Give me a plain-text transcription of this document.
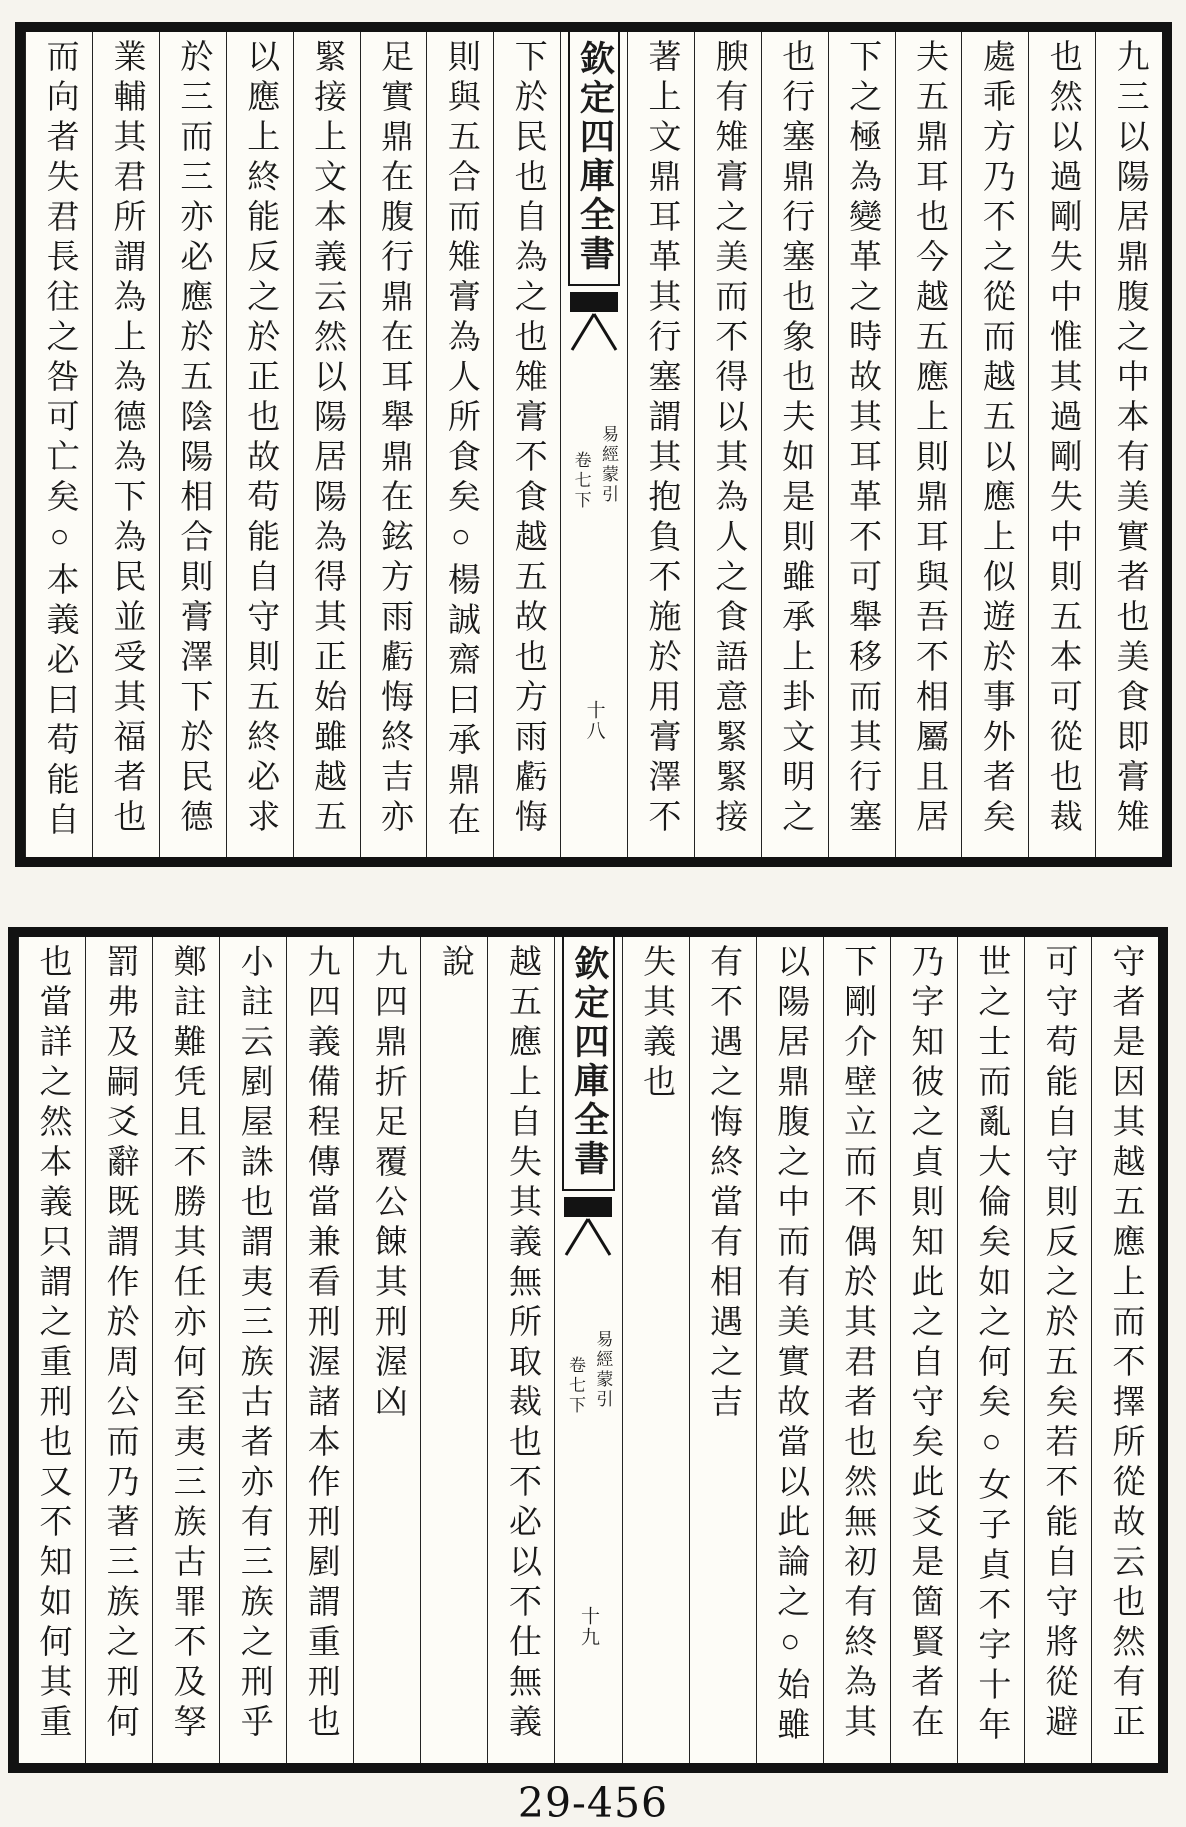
九三以陽居鼎腹之中本有美實者也美食即膏雉
也然以過剛失中惟其過剛失中則五本可從也裁
處乖方乃不之從而越五以應上似遊於事外者矣
夫五鼎耳也今越五應上則鼎耳與吾不相屬且居
下之極為變革之時故其耳革不可舉移而其行塞
也行塞鼎行塞也象也夫如是則雖承上卦文明之
腴有雉膏之美而不得以其為人之食語意緊緊接
著上文鼎耳革其行塞謂其抱負不施於用膏澤不
欽定四庫全書
易經蒙引
卷七下
十八
下於民也自為之也雉膏不食越五故也方雨虧悔
則與五合而雉膏為人所食矣○楊誠齋曰承鼎在
足實鼎在腹行鼎在耳舉鼎在鉉方雨虧悔終吉亦
緊接上文本義云然以陽居陽為得其正始雖越五
以應上終能反之於正也故苟能自守則五終必求
於三而三亦必應於五陰陽相合則膏澤下於民德
業輔其君所謂為上為德為下為民並受其福者也
而向者失君長往之咎可亡矣○本義必曰苟能自
守者是因其越五應上而不擇所從故云也然有正
可守苟能自守則反之於五矣若不能自守將從避
世之士而亂大倫矣如之何矣○女子貞不字十年
乃字知彼之貞則知此之自守矣此爻是箇賢者在
下剛介壁立而不偶於其君者也然無初有終為其
以陽居鼎腹之中而有美實故當以此論之○始雖
有不遇之悔終當有相遇之吉
失其義也
欽定四庫全書
易經蒙引
卷七下
十九
越五應上自失其義無所取裁也不必以不仕無義
說
九四鼎折足覆公餗其刑渥凶
九四義備程傳當兼看刑渥諸本作刑剭謂重刑也
小註云剭屋誅也謂夷三族古者亦有三族之刑乎
鄭註難凭且不勝其任亦何至夷三族古罪不及孥
罰弗及嗣爻辭既謂作於周公而乃著三族之刑何
也當詳之然本義只謂之重刑也又不知如何其重
29-456
